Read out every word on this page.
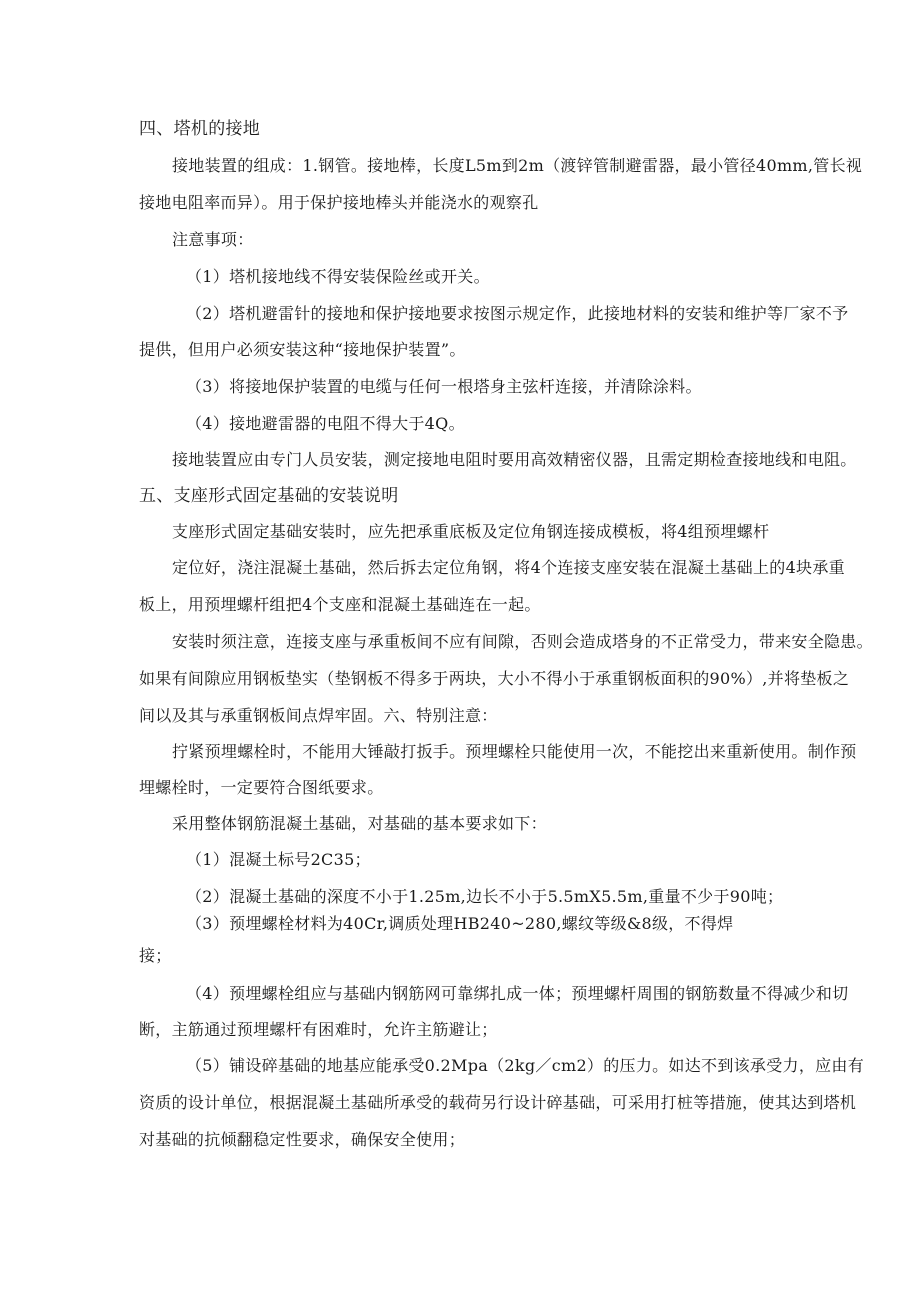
四、塔机的接地
接地装置的组成：1.钢管。接地棒，长度L5m到2m（渡锌管制避雷器，最小管径40mm,管长视
接地电阻率而异）。用于保护接地棒头并能浇水的观察孔
注意事项：
（1）塔机接地线不得安装保险丝或开关。
（2）塔机避雷针的接地和保护接地要求按图示规定作，此接地材料的安装和维护等厂家不予
提供，但用户必须安装这种“接地保护装置”。
（3）将接地保护装置的电缆与任何一根塔身主弦杆连接，并清除涂料。
（4）接地避雷器的电阻不得大于4Q。
接地装置应由专门人员安装，测定接地电阻时要用高效精密仪器，且需定期检查接地线和电阻。
五、支座形式固定基础的安装说明
支座形式固定基础安装时，应先把承重底板及定位角钢连接成模板，将4组预埋螺杆
定位好，浇注混凝土基础，然后拆去定位角钢，将4个连接支座安装在混凝土基础上的4块承重
板上，用预埋螺杆组把4个支座和混凝土基础连在一起。
安装时须注意，连接支座与承重板间不应有间隙，否则会造成塔身的不正常受力，带来安全隐患。
如果有间隙应用钢板垫实（垫钢板不得多于两块，大小不得小于承重钢板面积的90%）,并将垫板之
间以及其与承重钢板间点焊牢固。六、特别注意：
拧紧预埋螺栓时，不能用大锤敲打扳手。预埋螺栓只能使用一次，不能挖出来重新使用。制作预
埋螺栓时，一定要符合图纸要求。
采用整体钢筋混凝土基础，对基础的基本要求如下：
（1）混凝土标号2C35；
（2）混凝土基础的深度不小于1.25m,边长不小于5.5mX5.5m,重量不少于90吨；
（3）预埋螺栓材料为40Cr,调质处理HB240~280,螺纹等级&8级，不得焊
接；
（4）预埋螺栓组应与基础内钢筋网可靠绑扎成一体；预埋螺杆周围的钢筋数量不得减少和切
断，主筋通过预埋螺杆有困难时，允许主筋避让；
（5）铺设碎基础的地基应能承受0.2Mpa（2kg／cm2）的压力。如达不到该承受力，应由有
资质的设计单位，根据混凝土基础所承受的载荷另行设计碎基础，可采用打桩等措施，使其达到塔机
对基础的抗倾翻稳定性要求，确保安全使用；
